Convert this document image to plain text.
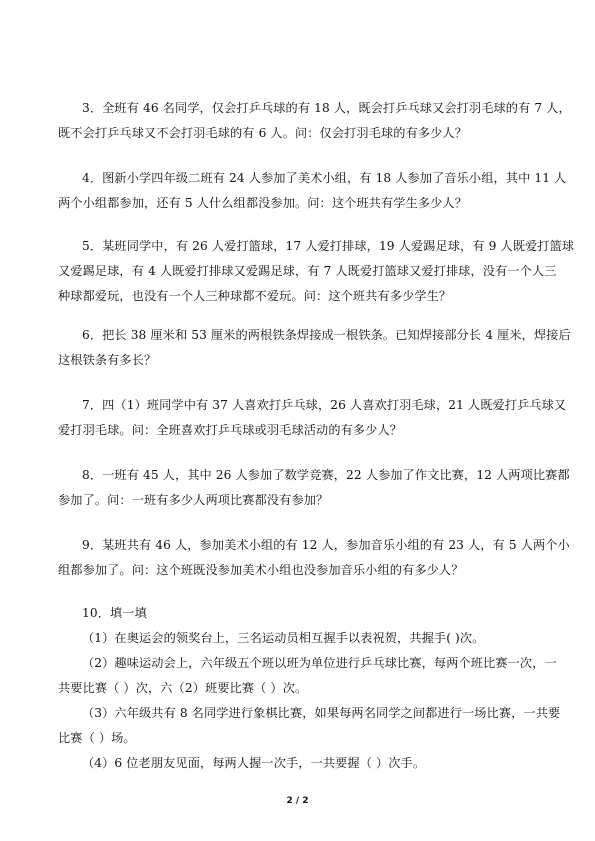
3．全班有 46 名同学，仅会打乒乓球的有 18 人，既会打乒乓球又会打羽毛球的有 7 人，
既不会打乒乓球又不会打羽毛球的有 6 人。问：仅会打羽毛球的有多少人？

4．图新小学四年级二班有 24 人参加了美术小组，有 18 人参加了音乐小组，其中 11 人
两个小组都参加，还有 5 人什么组都没参加。问：这个班共有学生多少人？

5．某班同学中，有 26 人爱打篮球，17 人爱打排球，19 人爱踢足球，有 9 人既爱打篮球
又爱踢足球，有 4 人既爱打排球又爱踢足球，有 7 人既爱打篮球又爱打排球，没有一个人三
种球都爱玩，也没有一个人三种球都不爱玩。问：这个班共有多少学生？

6．把长 38 厘米和 53 厘米的两根铁条焊接成一根铁条。已知焊接部分长 4 厘米，焊接后
这根铁条有多长？

7．四（1）班同学中有 37 人喜欢打乒乓球，26 人喜欢打羽毛球，21 人既爱打乒乓球又
爱打羽毛球。问：全班喜欢打乒乓球或羽毛球活动的有多少人？

8．一班有 45 人，其中 26 人参加了数学竞赛，22 人参加了作文比赛，12 人两项比赛都
参加了。问：一班有多少人两项比赛都没有参加？

9．某班共有 46 人，参加美术小组的有 12 人，参加音乐小组的有 23 人，有 5 人两个小
组都参加了。问：这个班既没参加美术小组也没参加音乐小组的有多少人？

10．填一填
（1）在奥运会的领奖台上，三名运动员相互握手以表祝贺，共握手( )次。
（2）趣味运动会上，六年级五个班以班为单位进行乒乓球比赛，每两个班比赛一次，一
共要比赛（ ）次，六（2）班要比赛（ ）次。
（3）六年级共有 8 名同学进行象棋比赛，如果每两名同学之间都进行一场比赛，一共要
比赛（ ）场。
（4）6 位老朋友见面，每两人握一次手，一共要握（ ）次手。
2 / 2
